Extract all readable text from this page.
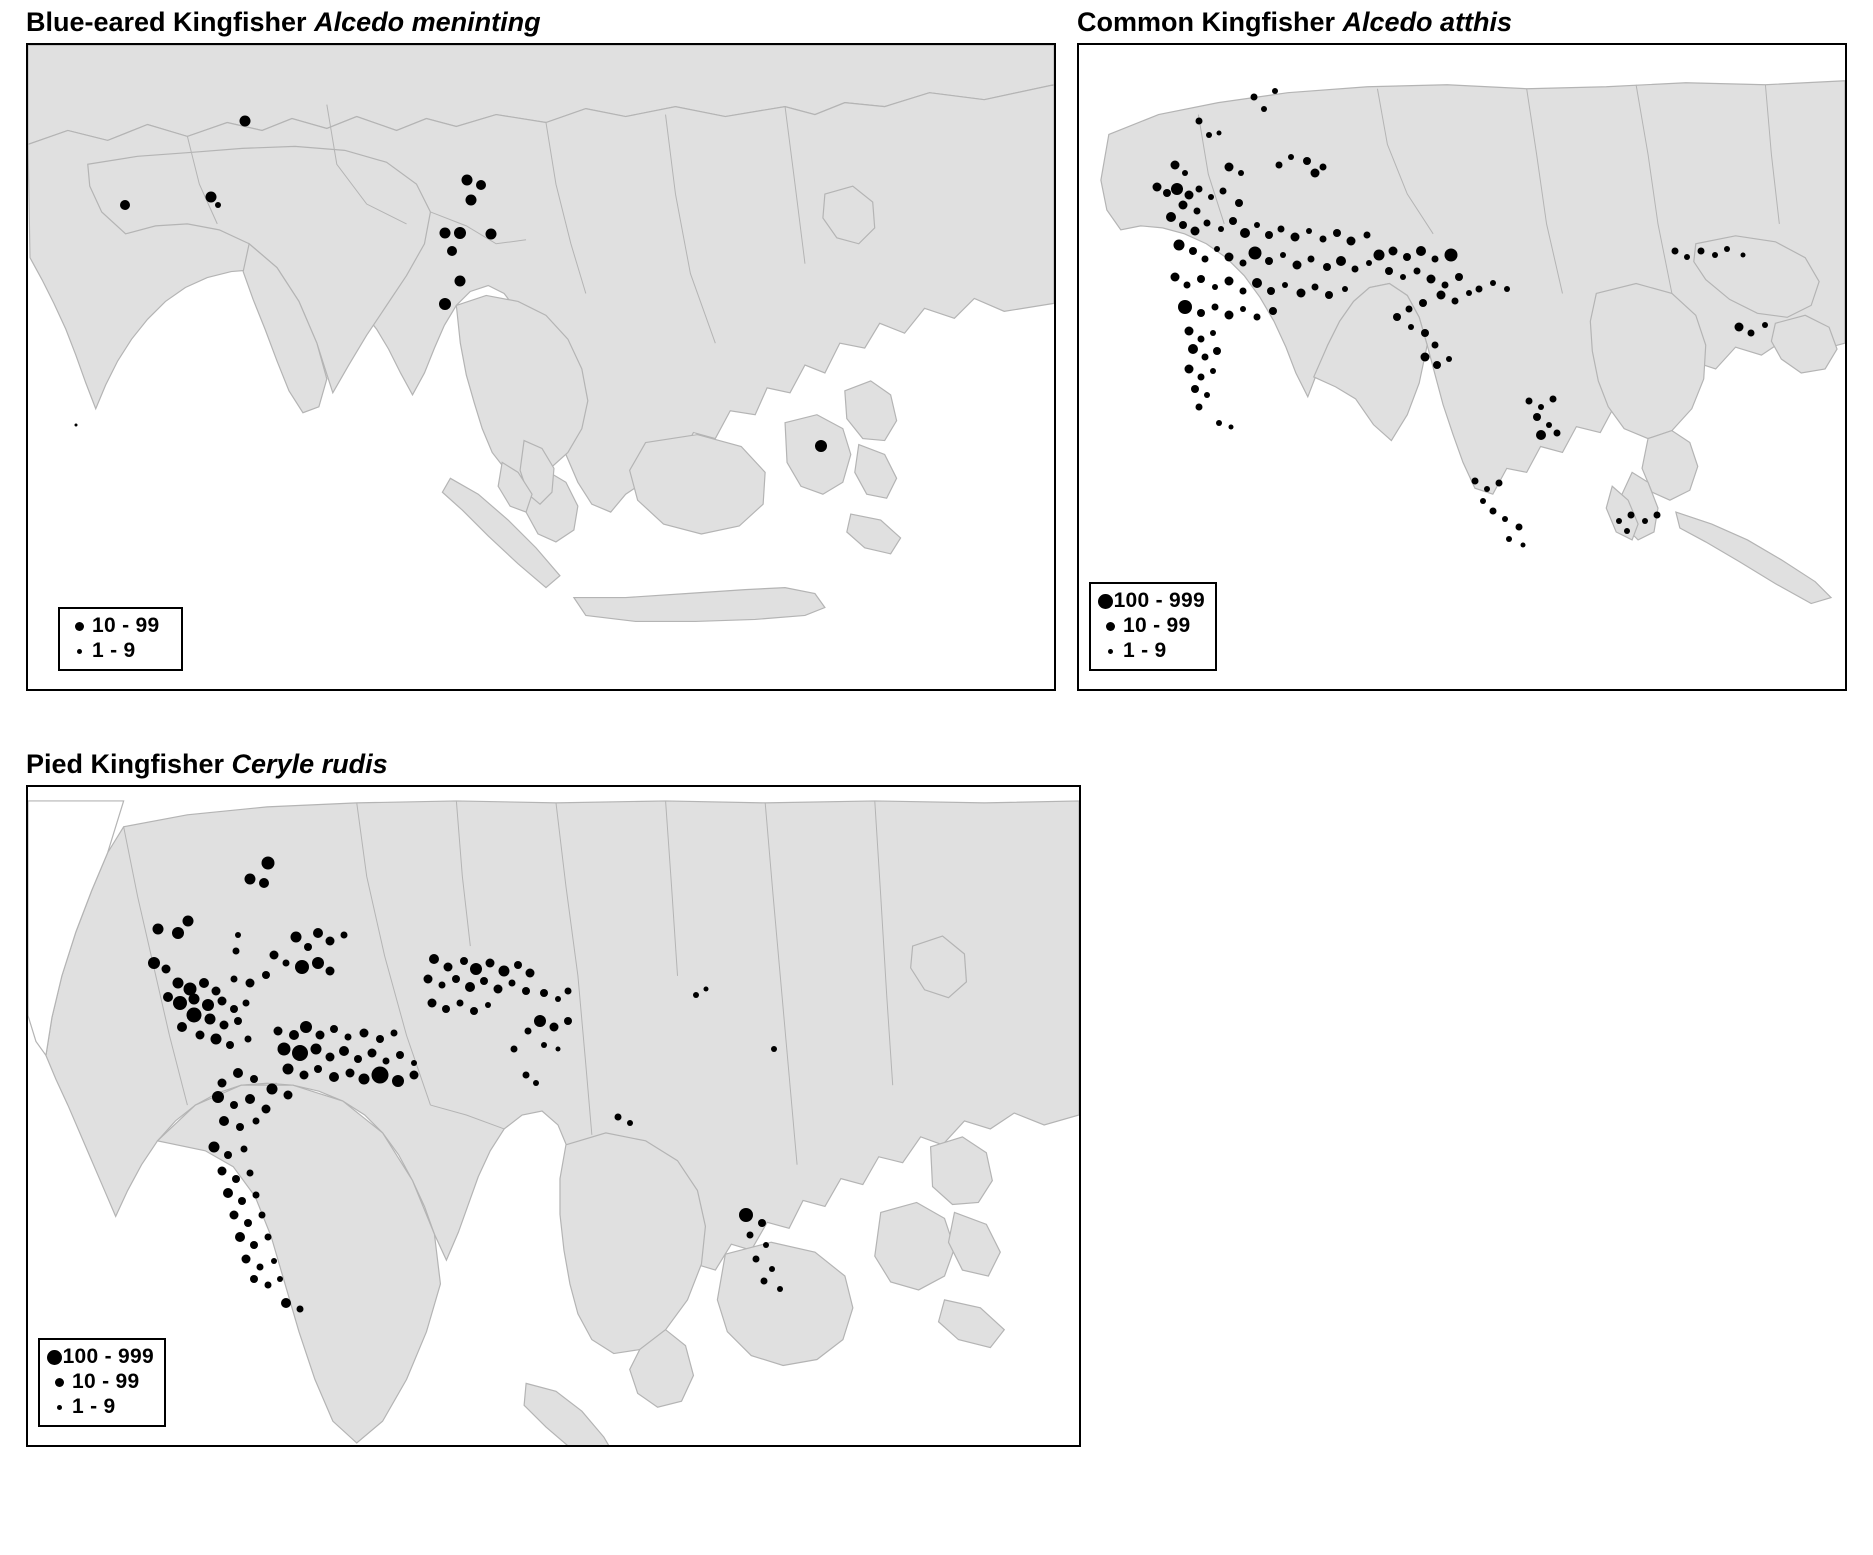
Blue-eared Kingfisher Alcedo meninting
10 - 99
1 - 9
Common Kingfisher Alcedo atthis
100 - 999
10 - 99
1 - 9
Pied Kingfisher Ceryle rudis
100 - 999
10 - 99
1 - 9
